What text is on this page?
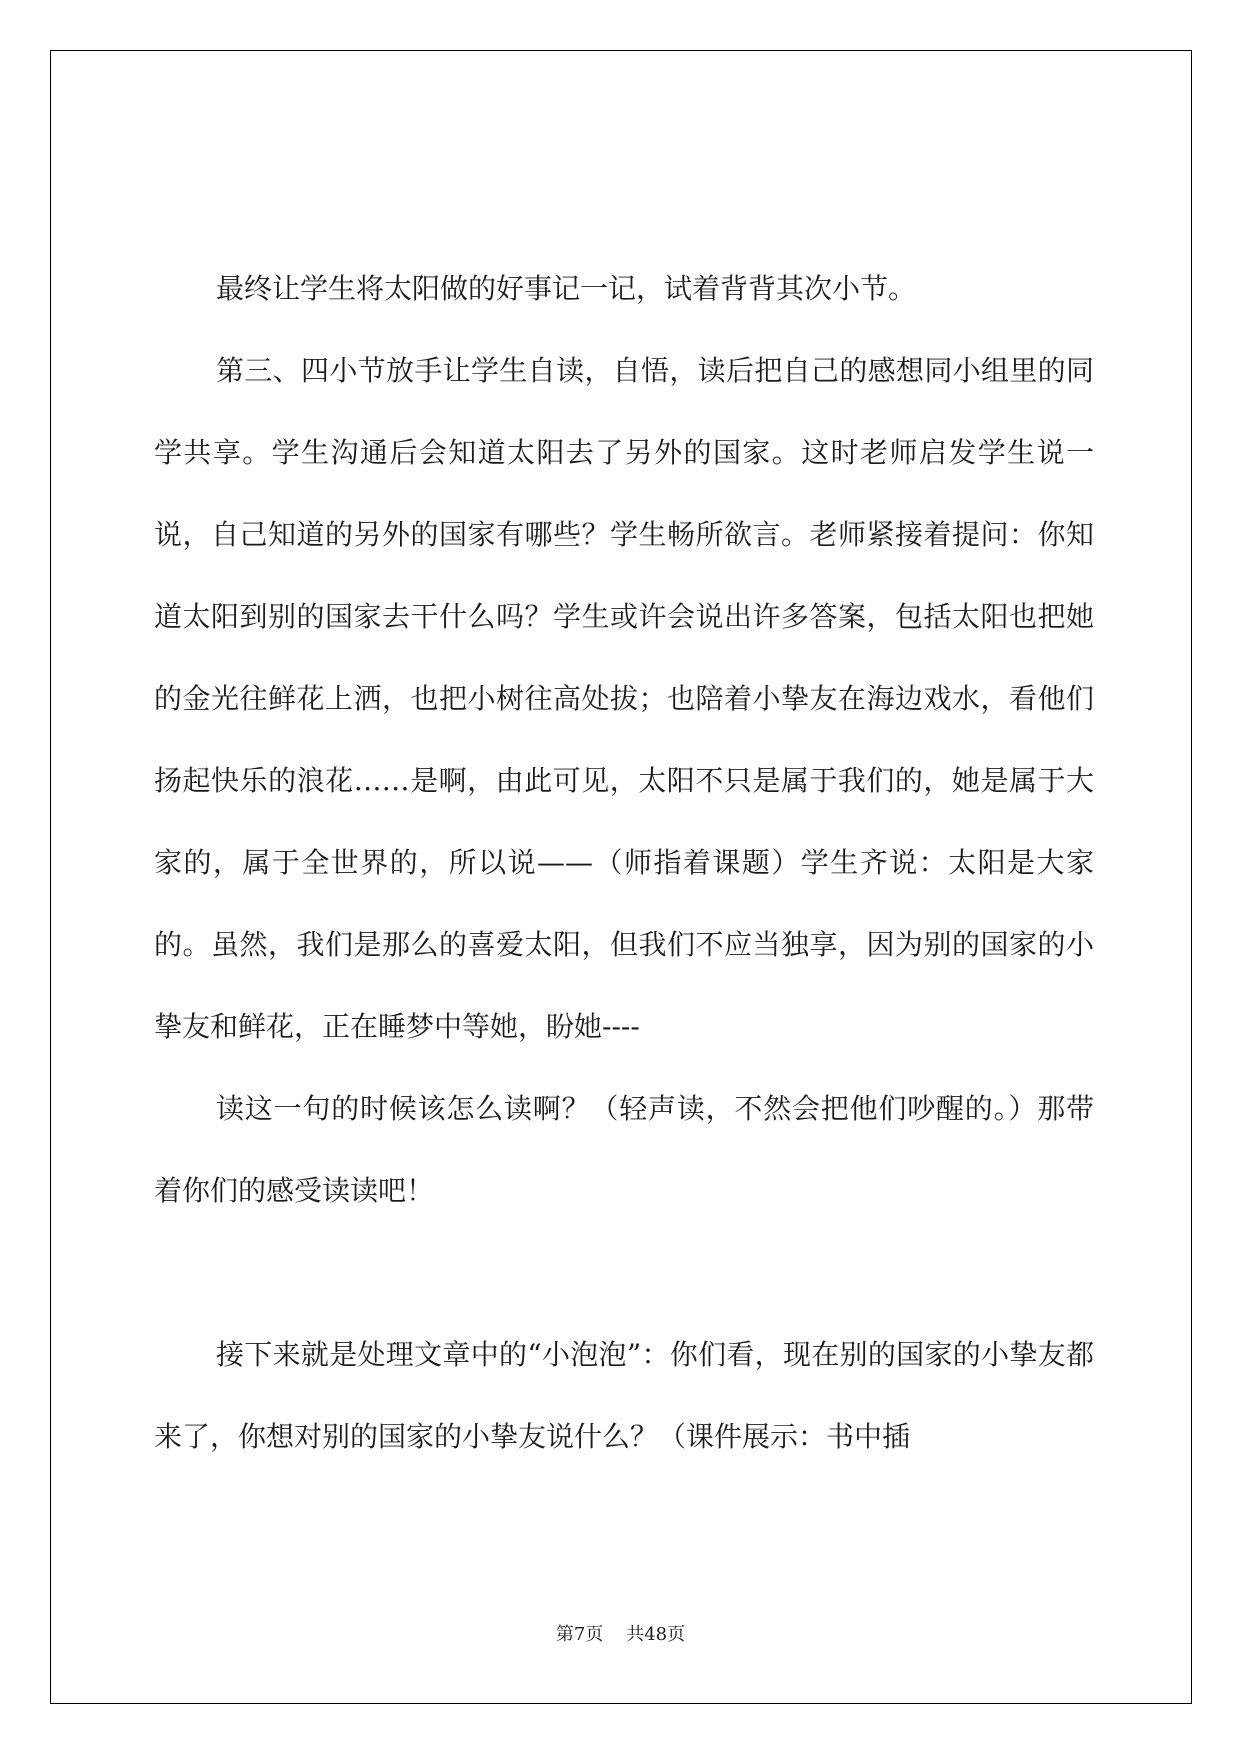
最终让学生将太阳做的好事记一记，试着背背其次小节。

第三、四小节放手让学生自读，自悟，读后把自己的感想同小组里的同学共享。学生沟通后会知道太阳去了另外的国家。这时老师启发学生说一说，自己知道的另外的国家有哪些？学生畅所欲言。老师紧接着提问：你知道太阳到别的国家去干什么吗？学生或许会说出许多答案，包括太阳也把她的金光往鲜花上洒，也把小树往高处拔；也陪着小挚友在海边戏水，看他们扬起快乐的浪花……是啊，由此可见，太阳不只是属于我们的，她是属于大家的，属于全世界的，所以说——（师指着课题）学生齐说：太阳是大家的。虽然，我们是那么的喜爱太阳，但我们不应当独享，因为别的国家的小挚友和鲜花，正在睡梦中等她，盼她----

读这一句的时候该怎么读啊？（轻声读，不然会把他们吵醒的。）那带着你们的感受读读吧！

接下来就是处理文章中的“小泡泡”：你们看，现在别的国家的小挚友都来了，你想对别的国家的小挚友说什么？（课件展示：书中插

第7页    共48页
